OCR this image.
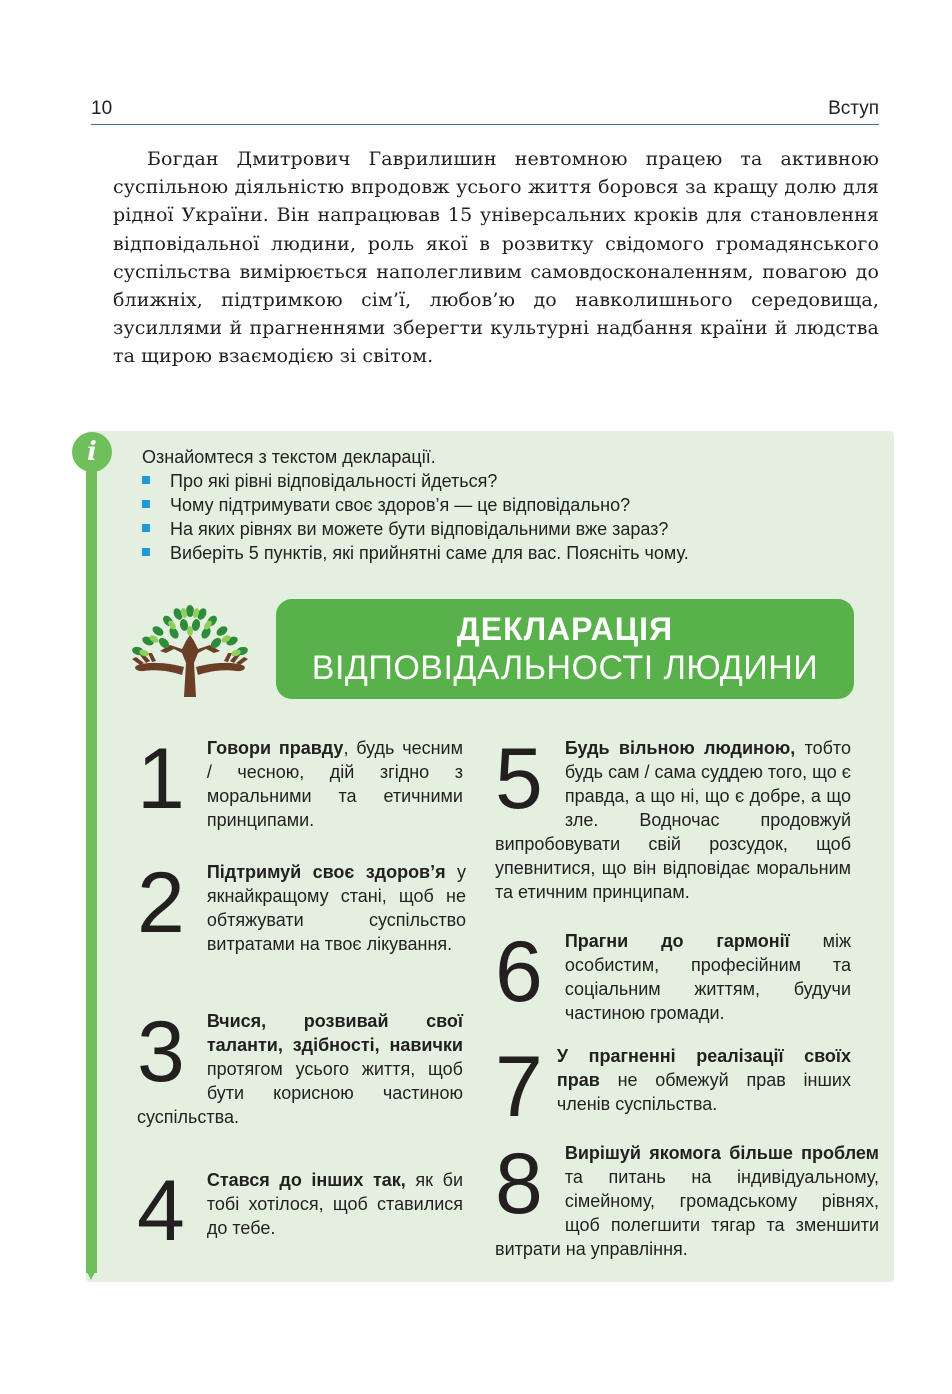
10	Вступ

Богдан Дмитрович Гаврилишин невтомною працею та активною суспільною діяльністю впродовж усього життя боровся за кращу долю для рідної України. Він напрацював 15 універсальних кроків для становлення відповідальної людини, роль якої в розвитку свідомого громадянського суспільства вимірюється наполегливим самовдосконаленням, повагою до ближніх, підтримкою сім’ї, любов’ю до навколишнього середовища, зусиллями й прагненнями зберегти культурні надбання країни й людства та щирою взаємодією зі світом.

i	Ознайомтеся з текстом декларації.
Про які рівні відповідальності йдеться?
Чому підтримувати своє здоров’я — це відповідально?
На яких рівнях ви можете бути відповідальними вже зараз?
Виберіть 5 пунктів, які прийнятні саме для вас. Поясніть чому.
ДЕКЛАРАЦІЯ
ВІДПОВІДАЛЬНОСТІ ЛЮДИНИ
1	Говори правду, будь чесним / чесною, дій згідно з моральними та етичними принципами.
2	Підтримуй своє здоров’я у якнайкращому стані, щоб не обтяжувати суспільство витратами на твоє лікування.
3	Вчися, розвивай свої таланти, здібності, навички протягом усього життя, щоб бути корисною частиною суспільства.
4	Стався до інших так, як би тобі хотілося, щоб ставилися до тебе.
5	Будь вільною людиною, тобто будь сам / сама суддею того, що є правда, а що ні, що є добре, а що зле. Водночас продовжуй випробовувати свій розсудок, щоб упевнитися, що він відповідає моральним та етичним принципам.
6	Прагни до гармонії між особистим, професійним та соціальним життям, будучи частиною громади.
7 У прагненні реалізації своїх прав не обмежуй прав інших членів суспільства.
8	Вирішуй якомога більше проблем та питань на індивідуальному, сімейному, громадському рівнях, щоб полегшити тягар та зменшити витрати на управління.
